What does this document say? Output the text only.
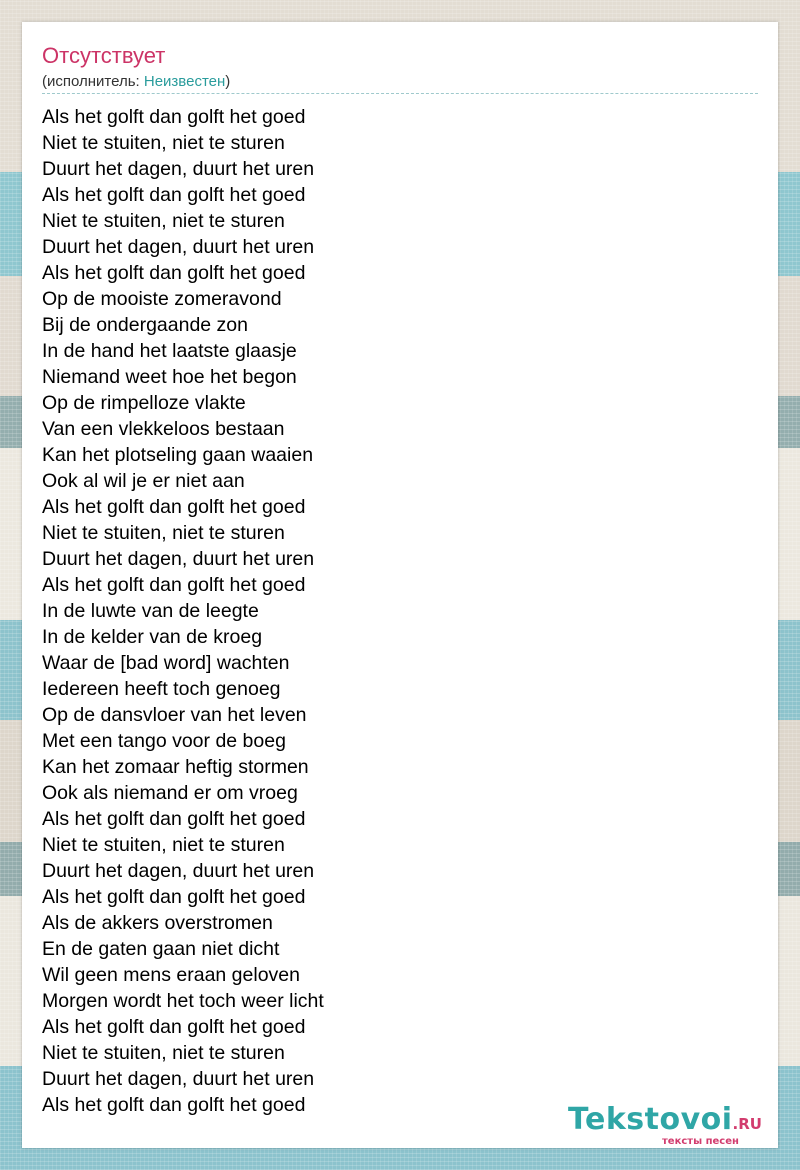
Отсутствует
(исполнитель: Неизвестен)
Als het golft dan golft het goed
Niet te stuiten, niet te sturen
Duurt het dagen, duurt het uren
Als het golft dan golft het goed
Niet te stuiten, niet te sturen
Duurt het dagen, duurt het uren
Als het golft dan golft het goed
Op de mooiste zomeravond
Bij de ondergaande zon
In de hand het laatste glaasje
Niemand weet hoe het begon
Op de rimpelloze vlakte
Van een vlekkeloos bestaan
Kan het plotseling gaan waaien
Ook al wil je er niet aan
Als het golft dan golft het goed
Niet te stuiten, niet te sturen
Duurt het dagen, duurt het uren
Als het golft dan golft het goed
In de luwte van de leegte
In de kelder van de kroeg
Waar de [bad word] wachten
Iedereen heeft toch genoeg
Op de dansvloer van het leven
Met een tango voor de boeg
Kan het zomaar heftig stormen
Ook als niemand er om vroeg
Als het golft dan golft het goed
Niet te stuiten, niet te sturen
Duurt het dagen, duurt het uren
Als het golft dan golft het goed
Als de akkers overstromen
En de gaten gaan niet dicht
Wil geen mens eraan geloven
Morgen wordt het toch weer licht
Als het golft dan golft het goed
Niet te stuiten, niet te sturen
Duurt het dagen, duurt het uren
Als het golft dan golft het goed	Tekstovoi.RU
тексты песен
